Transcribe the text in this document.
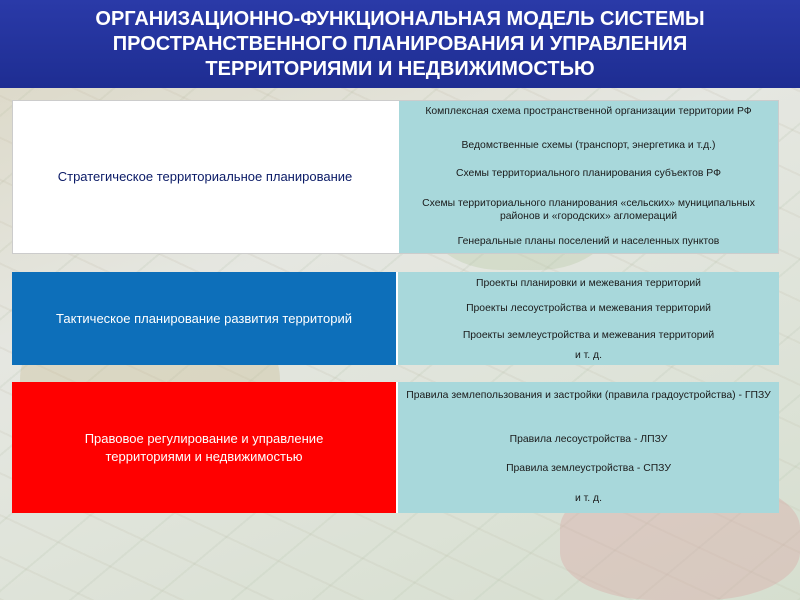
ОРГАНИЗАЦИОННО-ФУНКЦИОНАЛЬНАЯ МОДЕЛЬ СИСТЕМЫ
ПРОСТРАНСТВЕННОГО ПЛАНИРОВАНИЯ И УПРАВЛЕНИЯ
ТЕРРИТОРИЯМИ И НЕДВИЖИМОСТЬЮ
Стратегическое территориальное планирование
Комплексная схема пространственной организации территории РФ
Ведомственные схемы (транспорт, энергетика и т.д.)
Схемы территориального планирования субъектов РФ
Схемы территориального планирования «сельских» муниципальных районов и «городских» агломераций
Генеральные планы поселений и населенных пунктов
Тактическое планирование развития территорий
Проекты планировки и межевания территорий
Проекты лесоустройства и межевания территорий
Проекты землеустройства и межевания территорий
и т. д.
Правовое регулирование и управление территориями и недвижимостью
Правила землепользования и застройки (правила градоустройства) - ГПЗУ
Правила лесоустройства - ЛПЗУ
Правила землеустройства - СПЗУ
и т. д.
